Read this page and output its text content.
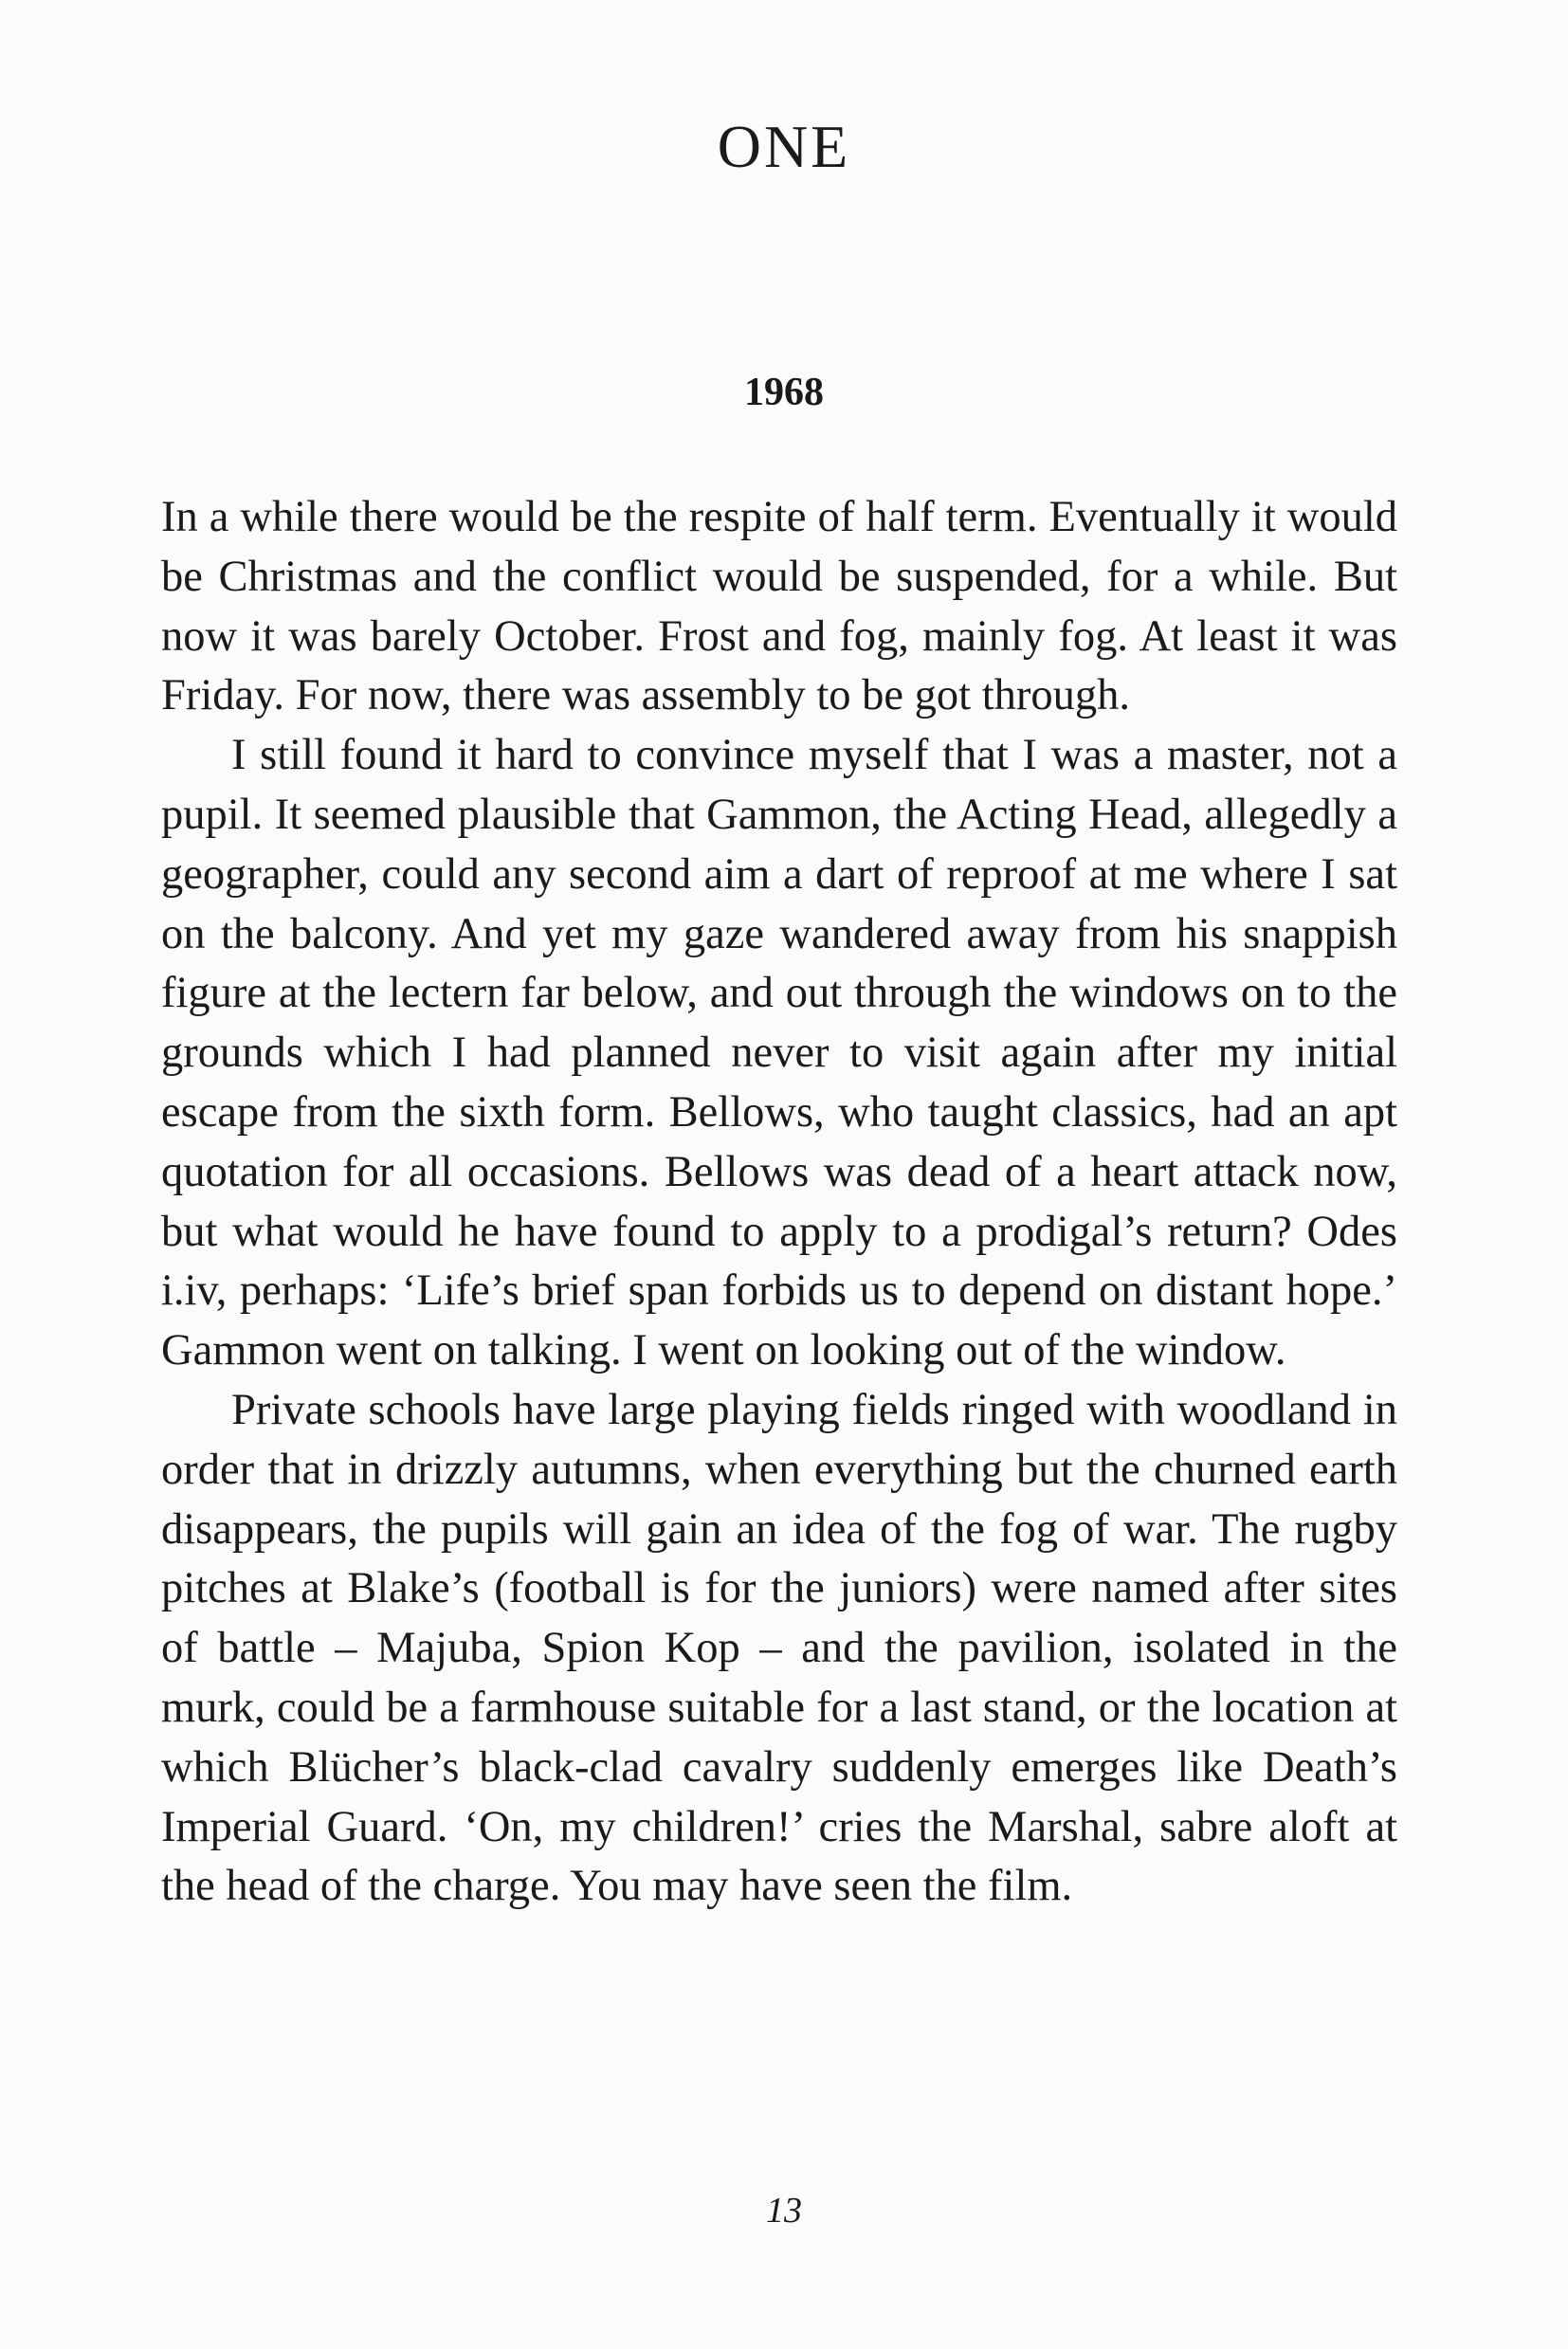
ONE
1968

In a while there would be the respite of half term. Eventually it would be Christmas and the conflict would be suspended, for a while. But now it was barely October. Frost and fog, mainly fog. At least it was Friday. For now, there was assembly to be got through.

I still found it hard to convince myself that I was a master, not a pupil. It seemed plausible that Gammon, the Acting Head, allegedly a geographer, could any second aim a dart of reproof at me where I sat on the balcony. And yet my gaze wandered away from his snappish figure at the lectern far below, and out through the windows on to the grounds which I had planned never to visit again after my initial escape from the sixth form. Bellows, who taught classics, had an apt quotation for all occasions. Bellows was dead of a heart attack now, but what would he have found to apply to a prodigal’s return? Odes i.iv, perhaps: ‘Life’s brief span forbids us to depend on distant hope.’ Gammon went on talking. I went on looking out of the window.

Private schools have large playing fields ringed with woodland in order that in drizzly autumns, when everything but the churned earth disappears, the pupils will gain an idea of the fog of war. The rugby pitches at Blake’s (football is for the juniors) were named after sites of battle – Majuba, Spion Kop – and the pavilion, isolated in the murk, could be a farmhouse suitable for a last stand, or the location at which Blücher’s black-clad cavalry suddenly emerges like Death’s Imperial Guard. ‘On, my children!’ cries the Marshal, sabre aloft at the head of the charge. You may have seen the film.

13
